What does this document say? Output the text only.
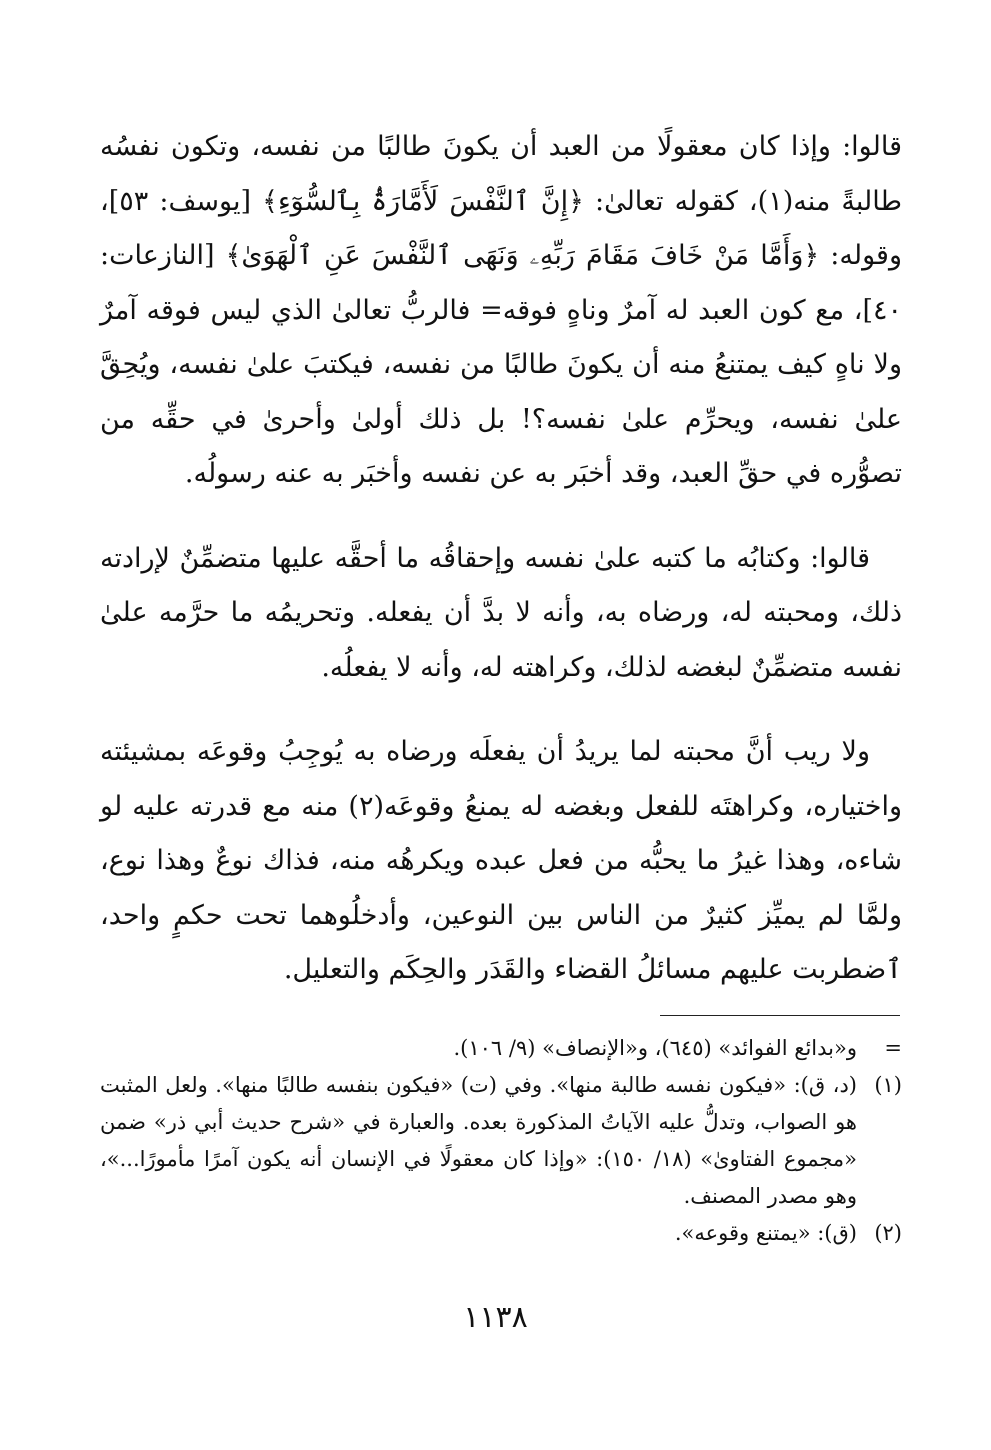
قالوا: وإذا كان معقولًا من العبد أن يكونَ طالبًا من نفسه، وتكون نفسُه طالبةً منه(١)، كقوله تعالىٰ: ﴿إِنَّ ٱلنَّفْسَ لَأَمَّارَةُۢ بِٱلسُّوٓءِ﴾ [يوسف: ٥٣]، وقوله: ﴿وَأَمَّا مَنْ خَافَ مَقَامَ رَبِّهِۦ وَنَهَى ٱلنَّفْسَ عَنِ ٱلْهَوَىٰ﴾ [النازعات: ٤٠]، مع كون العبد له آمرٌ وناهٍ فوقه= فالربُّ تعالىٰ الذي ليس فوقه آمرٌ ولا ناهٍ كيف يمتنعُ منه أن يكونَ طالبًا من نفسه، فيكتبَ علىٰ نفسه، ويُحِقَّ علىٰ نفسه، ويحرِّم علىٰ نفسه؟! بل ذلك أولىٰ وأحرىٰ في حقِّه من تصوُّره في حقِّ العبد، وقد أخبَر به عن نفسه وأخبَر به عنه رسولُه.

قالوا: وكتابُه ما كتبه علىٰ نفسه وإحقاقُه ما أحقَّه عليها متضمِّنٌ لإرادته ذلك، ومحبته له، ورضاه به، وأنه لا بدَّ أن يفعله. وتحريمُه ما حرَّمه علىٰ نفسه متضمِّنٌ لبغضه لذلك، وكراهته له، وأنه لا يفعلُه.

ولا ريب أنَّ محبته لما يريدُ أن يفعلَه ورضاه به يُوجِبُ وقوعَه بمشيئته واختياره، وكراهتَه للفعل وبغضه له يمنعُ وقوعَه(٢) منه مع قدرته عليه لو شاءه، وهذا غيرُ ما يحبُّه من فعل عبده ويكرهُه منه، فذاك نوعٌ وهذا نوع، ولمَّا لم يميِّز كثيرٌ من الناس بين النوعين، وأدخلُوهما تحت حكمٍ واحد، ٱضطربت عليهم مسائلُ القضاء والقَدَر والحِكَم والتعليل.

=
و«بدائع الفوائد» (٦٤٥)، و«الإنصاف» (٩/ ١٠٦).
(١)
(د، ق): «فيكون نفسه طالبة منها». وفي (ت) «فيكون بنفسه طالبًا منها». ولعل المثبت هو الصواب، وتدلُّ عليه الآياتُ المذكورة بعده. والعبارة في «شرح حديث أبي ذر» ضمن «مجموع الفتاوىٰ» (١٨/ ١٥٠): «وإذا كان معقولًا في الإنسان أنه يكون آمرًا مأمورًا...»، وهو مصدر المصنف.
(٢)
(ق): «يمتنع وقوعه».
١١٣٨
